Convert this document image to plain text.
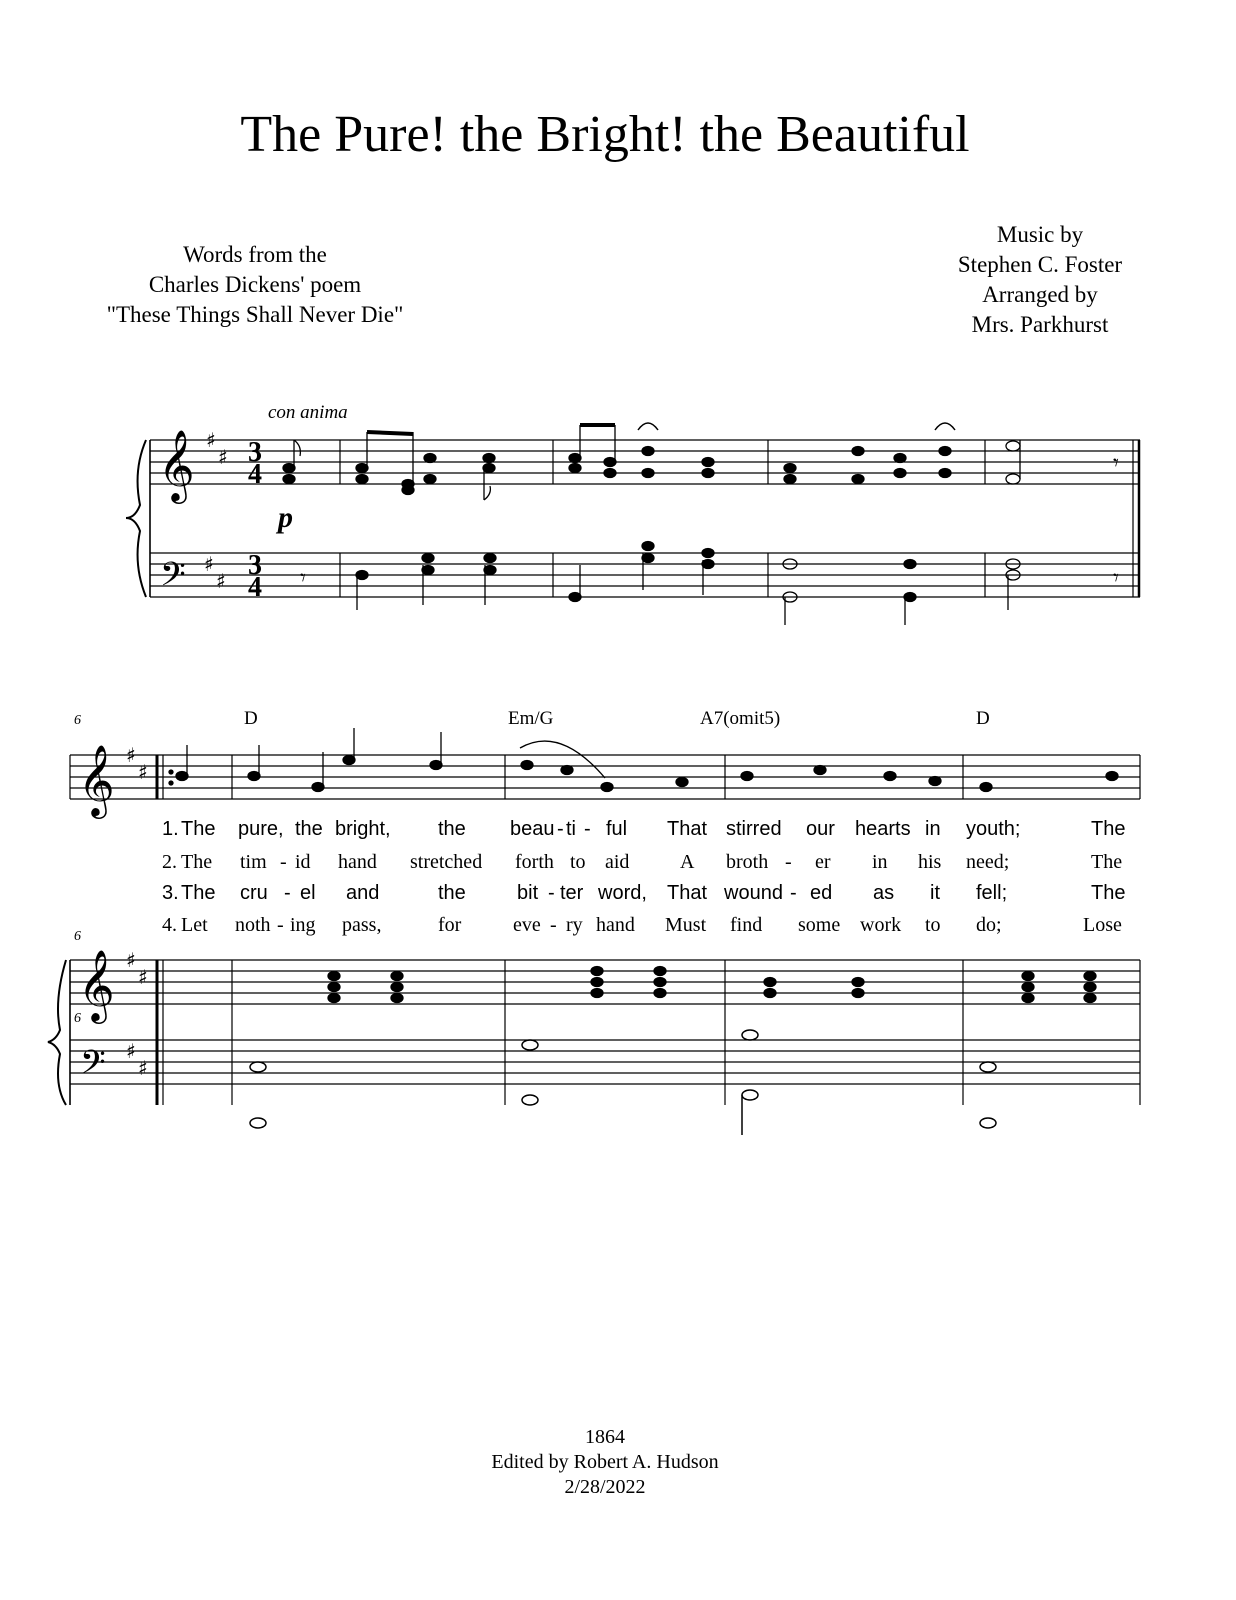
The Pure! the Bright! the Beautiful
Words from the
Charles Dickens' poem
"These Things Shall Never Die"
Music by
Stephen C. Foster
Arranged by
Mrs. Parkhurst
𝄞
𝄢
𝄞
𝄞
𝄢
♯
♯
♯
♯
♯
♯
♯
♯
♯
♯
3
4
3
4
con anima
p
6
6
6
D	Em/G	A7(omit5)	D
𝄾
𝄾	𝄾
1. The pure, the bright, the beau - ti - ful That stirred our hearts in youth;	The
2. The tim - id hand stretched forth to aid	A broth - er in his need;	The
3. The cru - el and	the	bit - ter word, That wound - ed as it fell;	The
4. Let noth - ing pass,	for	eve - ry hand Must find some work to do;	Lose
1864
Edited by Robert A. Hudson
2/28/2022
